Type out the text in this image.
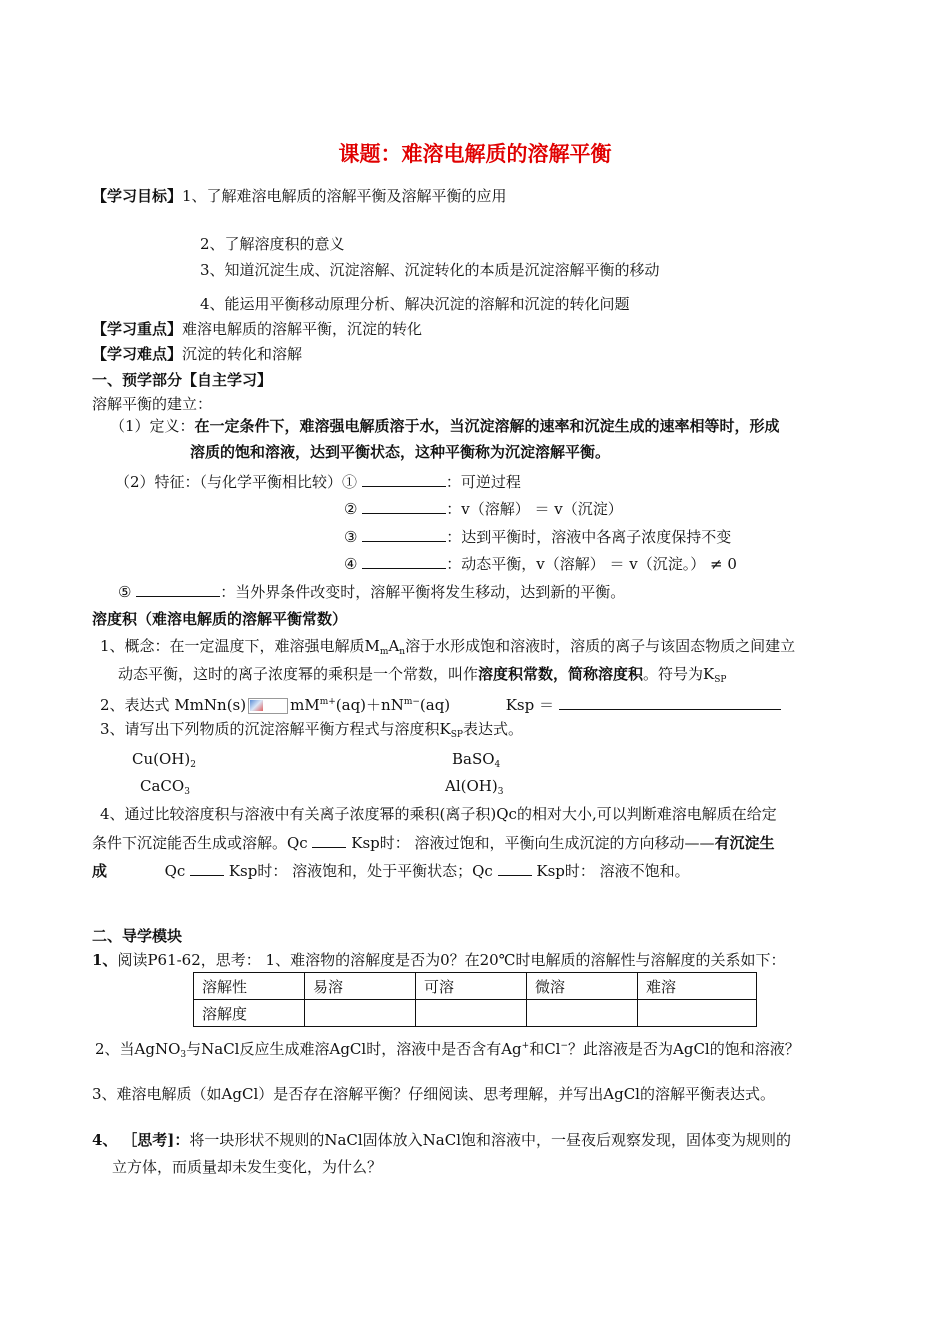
课题：难溶电解质的溶解平衡
【学习目标】1、了解难溶电解质的溶解平衡及溶解平衡的应用
2、了解溶度积的意义
3、知道沉淀生成、沉淀溶解、沉淀转化的本质是沉淀溶解平衡的移动
4、能运用平衡移动原理分析、解决沉淀的溶解和沉淀的转化问题
【学习重点】难溶电解质的溶解平衡，沉淀的转化
【学习难点】沉淀的转化和溶解
一、预学部分【自主学习】
溶解平衡的建立：
（1）定义：在一定条件下，难溶强电解质溶于水，当沉淀溶解的速率和沉淀生成的速率相等时，形成
溶质的饱和溶液，达到平衡状态，这种平衡称为沉淀溶解平衡。
（2）特征：（与化学平衡相比较）①	：可逆过程
②	：v（溶解） ＝ v（沉淀）
③	：达到平衡时，溶液中各离子浓度保持不变
④	：动态平衡，v（溶解） ＝ v（沉淀。） ≠ 0
⑤	：当外界条件改变时，溶解平衡将发生移动，达到新的平衡。
溶度积（难溶电解质的溶解平衡常数）
1、概念：在一定温度下，难溶强电解质$M_mA_n$溶于水形成饱和溶液时，溶质的离子与该固态物质之间建立
动态平衡，这时的离子浓度幂的乘积是一个常数，叫作溶度积常数，简称溶度积。符号为$K_{SP}$
2、表达式 MmNn(s)	$mM^{m+}(aq)+nN^{m-}(aq)$	Ksp ＝
3、请写出下列物质的沉淀溶解平衡方程式与溶度积$K_{SP}$表达式。
$Cu(OH)_2$	BaSO$_4$
CaCO$_3$	$Al(OH)_3$
4、通过比较溶度积与溶液中有关离子浓度幂的乘积(离子积)Qc的相对大小,可以判断难溶电解质在给定
条件下沉淀能否生成或溶解。Qc	Ksp时： 溶液过饱和，平衡向生成沉淀的方向移动——有沉淀生
成	Qc	Ksp时： 溶液饱和，处于平衡状态；Qc	Ksp时： 溶液不饱和。
二、导学模块
1、阅读P61-62，思考： 1、难溶物的溶解度是否为0？在20℃时电解质的溶解性与溶解度的关系如下：
溶解性	易溶	可溶	微溶	难溶
溶解度				
2、当AgNO$_3$与NaCl反应生成难溶AgCl时，溶液中是否含有Ag+和Cl−？此溶液是否为AgCl的饱和溶液？
3、难溶电解质（如AgCl）是否存在溶解平衡？仔细阅读、思考理解，并写出AgCl的溶解平衡表达式。
4、 ［思考]：将一块形状不规则的NaCl固体放入NaCl饱和溶液中，一昼夜后观察发现，固体变为规则的
立方体，而质量却未发生变化，为什么？
